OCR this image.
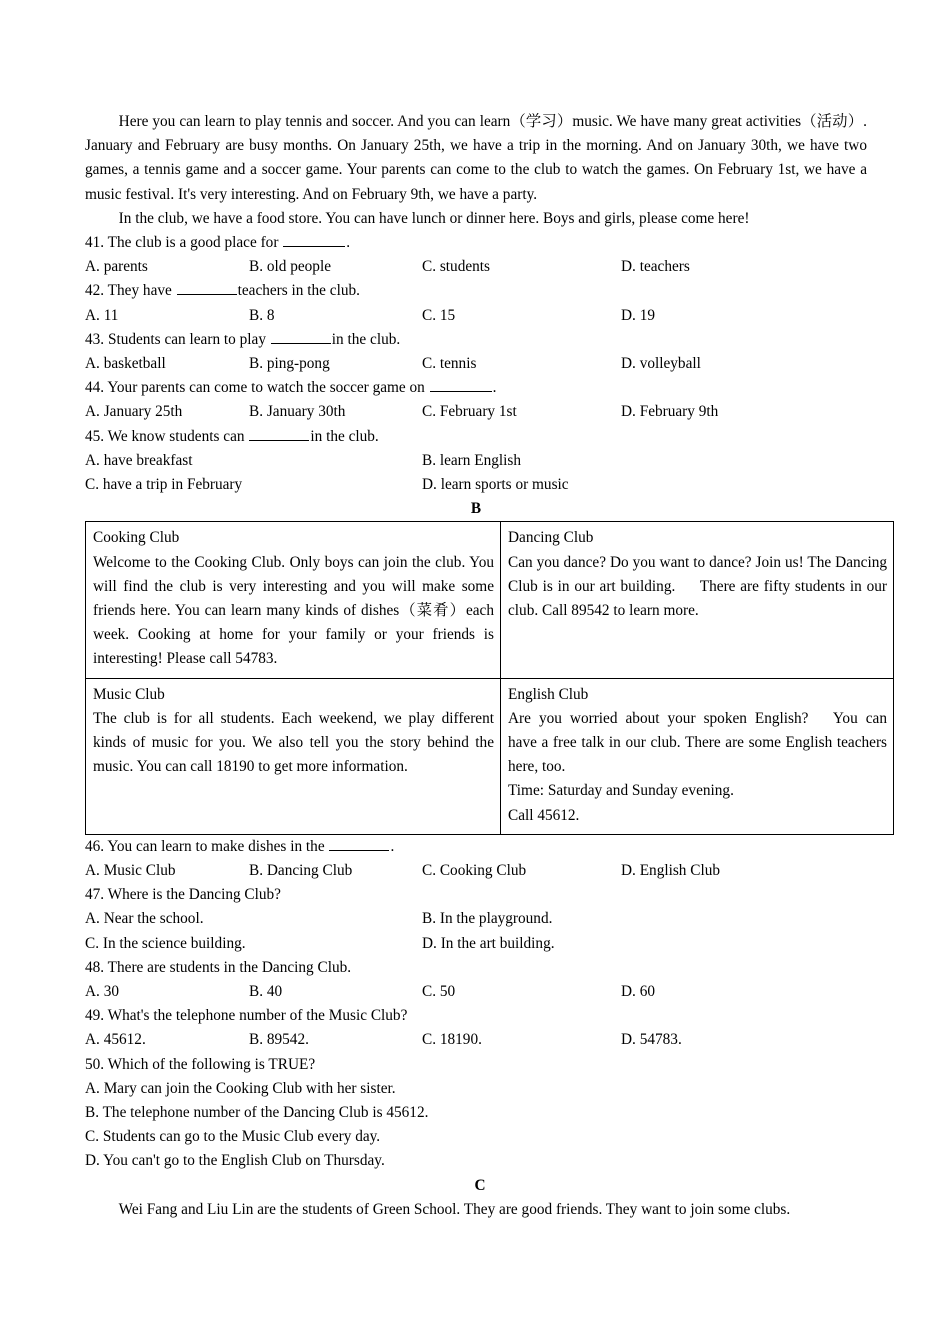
Here you can learn to play tennis and soccer. And you can learn（学习）music. We have many great activities（活动）. January and February are busy months. On January 25th, we have a trip in the morning. And on January 30th, we have two games, a tennis game and a soccer game. Your parents can come to the club to watch the games. On February 1st, we have a music festival. It's very interesting. And on February 9th, we have a party.

In the club, we have a food store. You can have lunch or dinner here. Boys and girls, please come here!

41. The club is a good place for	.
A. parents	B. old people	C. students	D. teachers
42. They have	teachers in the club.
A. 11	B. 8	C. 15	D. 19
43. Students can learn to play	in the club.
A. basketball	B. ping-pong	C. tennis	D. volleyball
44. Your parents can come to watch the soccer game on	.
A. January 25th	B. January 30th	C. February 1st	D. February 9th
45. We know students can	in the club.
A. have breakfast	B. learn English
C. have a trip in February	D. learn sports or music
B
Cooking Club
Welcome to the Cooking Club. Only boys can join the club. You will find the club is very interesting and you will make some friends here. You can learn many kinds of dishes（菜肴）each week. Cooking at home for your family or your friends is interesting! Please call 54783.

Dancing Club
Can you dance? Do you want to dance? Join us! The Dancing Club is in our art building. There are fifty students in our club. Call 89542 to learn more.

Music Club
The club is for all students. Each weekend, we play different kinds of music for you. We also tell you the story behind the music. You can call 18190 to get more information.

English Club
Are you worried about your spoken English? You can have a free talk in our club. There are some English teachers here, too.
Time: Saturday and Sunday evening.
Call 45612.
46. You can learn to make dishes in the	.
A. Music Club	B. Dancing Club	C. Cooking Club	D. English Club
47. Where is the Dancing Club?
A. Near the school.	B. In the playground.
C. In the science building.	D. In the art building.
48. There are students in the Dancing Club.
A. 30	B. 40	C. 50	D. 60
49. What's the telephone number of the Music Club?
A. 45612.	B. 89542.	C. 18190.	D. 54783.
50. Which of the following is TRUE?
A. Mary can join the Cooking Club with her sister.
B. The telephone number of the Dancing Club is 45612.
C. Students can go to the Music Club every day.
D. You can't go to the English Club on Thursday.
C

Wei Fang and Liu Lin are the students of Green School. They are good friends. They want to join some clubs.
